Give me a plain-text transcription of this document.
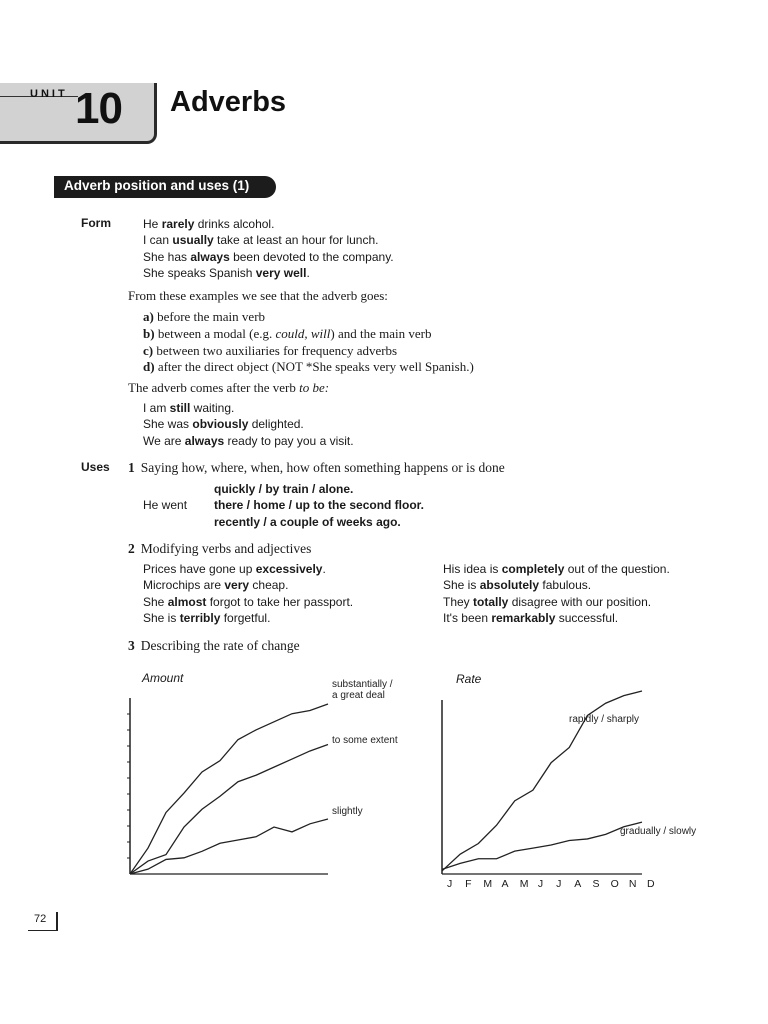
UNIT 10 Adverbs
Adverb position and uses (1)
Form	He rarely drinks alcohol.
I can usually take at least an hour for lunch.
She has always been devoted to the company.
She speaks Spanish very well.
From these examples we see that the adverb goes:
a) before the main verb
b) between a modal (e.g. could, will) and the main verb
c) between two auxiliaries for frequency adverbs
d) after the direct object (NOT *She speaks very well Spanish.)
The adverb comes after the verb to be:
I am still waiting.
She was obviously delighted.
We are always ready to pay you a visit.
Uses 1 Saying how, where, when, how often something happens or is done
He went
quickly / by train / alone.
there / home / up to the second floor.
recently / a couple of weeks ago.
2 Modifying verbs and adjectives
Prices have gone up excessively.
Microchips are very cheap.
She almost forgot to take her passport.
She is terribly forgetful.
His idea is completely out of the question.
She is absolutely fabulous.
They totally disagree with our position.
It's been remarkably successful.
3 Describing the rate of change
Amount	substantially /
a great deal
to some extent
slightly
Rate
rapidly / sharply
gradually / slowly
J F M A M J J A S O N D
72
